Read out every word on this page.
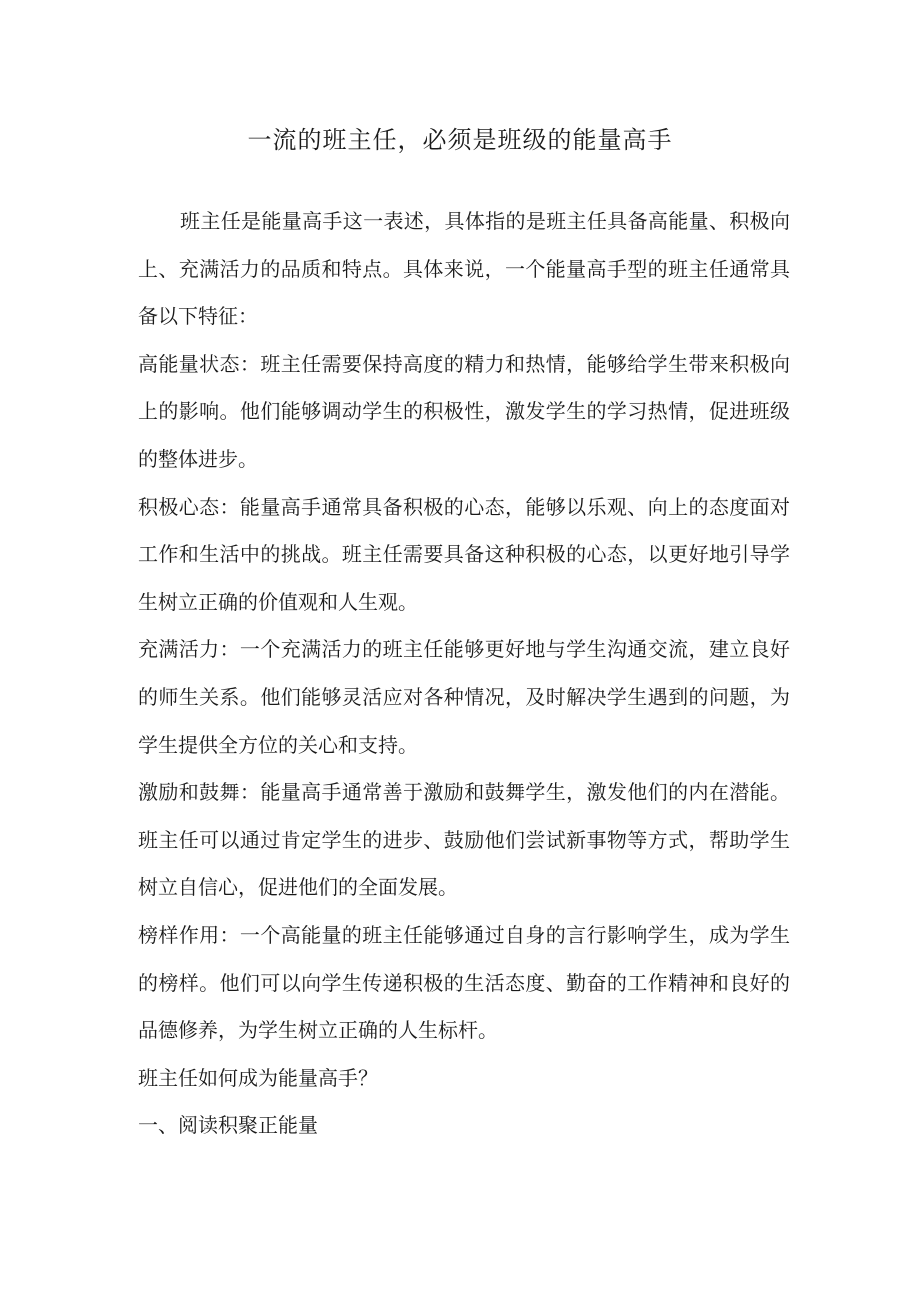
一流的班主任，必须是班级的能量高手

班主任是能量高手这一表述，具体指的是班主任具备高能量、积极向上、充满活力的品质和特点。具体来说，一个能量高手型的班主任通常具备以下特征：

高能量状态：班主任需要保持高度的精力和热情，能够给学生带来积极向上的影响。他们能够调动学生的积极性，激发学生的学习热情，促进班级的整体进步。

积极心态：能量高手通常具备积极的心态，能够以乐观、向上的态度面对工作和生活中的挑战。班主任需要具备这种积极的心态，以更好地引导学生树立正确的价值观和人生观。

充满活力：一个充满活力的班主任能够更好地与学生沟通交流，建立良好的师生关系。他们能够灵活应对各种情况，及时解决学生遇到的问题，为学生提供全方位的关心和支持。

激励和鼓舞：能量高手通常善于激励和鼓舞学生，激发他们的内在潜能。班主任可以通过肯定学生的进步、鼓励他们尝试新事物等方式，帮助学生树立自信心，促进他们的全面发展。

榜样作用：一个高能量的班主任能够通过自身的言行影响学生，成为学生的榜样。他们可以向学生传递积极的生活态度、勤奋的工作精神和良好的品德修养，为学生树立正确的人生标杆。

班主任如何成为能量高手？

一、阅读积聚正能量
